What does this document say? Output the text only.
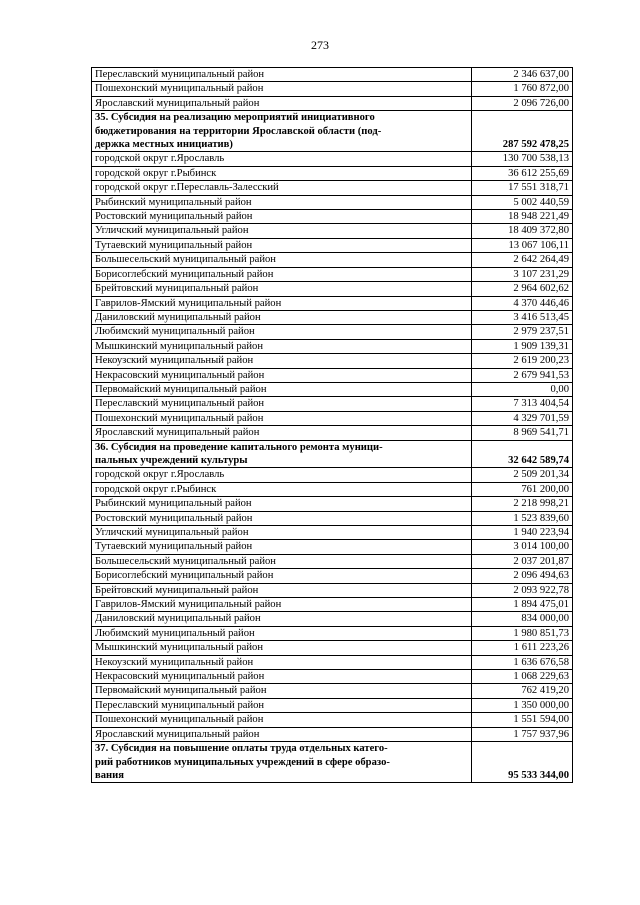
273
Переславский муниципальный район	2 346 637,00
Пошехонский муниципальный район	1 760 872,00
Ярославский муниципальный район	2 096 726,00

35. Субсидия на реализацию мероприятий инициативного
бюджетирования на территории Ярославской области (под-
держка местных инициатив)	287 592 478,25
городской округ г.Ярославль	130 700 538,13
городской округ г.Рыбинск	36 612 255,69
городской округ г.Переславль-Залесский	17 551 318,71
Рыбинский муниципальный район	5 002 440,59
Ростовский муниципальный район	18 948 221,49
Угличский муниципальный район	18 409 372,80
Тутаевский муниципальный район	13 067 106,11
Большесельский муниципальный район	2 642 264,49
Борисоглебский муниципальный район	3 107 231,29
Брейтовский муниципальный район	2 964 602,62
Гаврилов-Ямский муниципальный район	4 370 446,46
Даниловский муниципальный район	3 416 513,45
Любимский муниципальный район	2 979 237,51
Мышкинский муниципальный район	1 909 139,31
Некоузский муниципальный район	2 619 200,23
Некрасовский муниципальный район	2 679 941,53
Первомайский муниципальный район	0,00
Переславский муниципальный район	7 313 404,54
Пошехонский муниципальный район	4 329 701,59
Ярославский муниципальный район	8 969 541,71

36. Субсидия на проведение капитального ремонта муници-
пальных учреждений культуры	32 642 589,74
городской округ г.Ярославль	2 509 201,34
городской округ г.Рыбинск	761 200,00
Рыбинский муниципальный район	2 218 998,21
Ростовский муниципальный район	1 523 839,60
Угличский муниципальный район	1 940 223,94
Тутаевский муниципальный район	3 014 100,00
Большесельский муниципальный район	2 037 201,87
Борисоглебский муниципальный район	2 096 494,63
Брейтовский муниципальный район	2 093 922,78
Гаврилов-Ямский муниципальный район	1 894 475,01
Даниловский муниципальный район	834 000,00
Любимский муниципальный район	1 980 851,73
Мышкинский муниципальный район	1 611 223,26
Некоузский муниципальный район	1 636 676,58
Некрасовский муниципальный район	1 068 229,63
Первомайский муниципальный район	762 419,20
Переславский муниципальный район	1 350 000,00
Пошехонский муниципальный район	1 551 594,00
Ярославский муниципальный район	1 757 937,96

37. Субсидия на повышение оплаты труда отдельных катего-
рий работников муниципальных учреждений в сфере образо-
вания	95 533 344,00
